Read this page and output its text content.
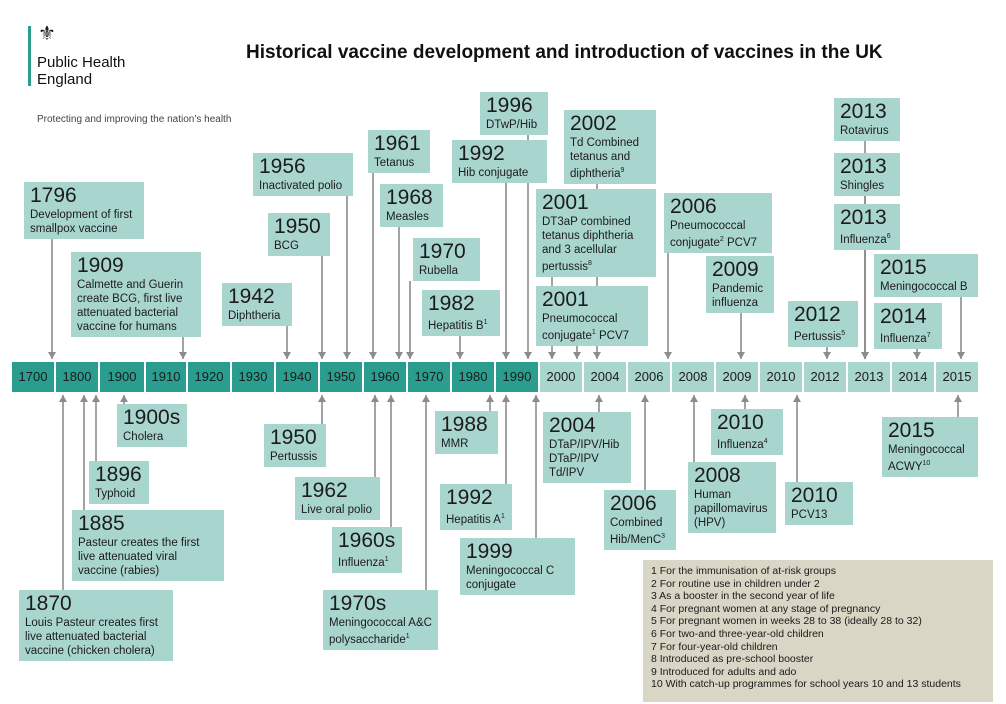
⚜
Public Health
England
Protecting and improving the nation’s health
Historical vaccine development and introduction of vaccines in the UK
1700	1800	1900	1910	1920	1930	1940	1950	1960	1970	1980	1990	2000	2004	2006	2008	2009	2010	2012	2013	2014	2015
1796
Development of first smallpox vaccine
1909
Calmette and Guerin create BCG, first live attenuated bacterial vaccine for humans
1942
Diphtheria
1950
BCG
1956
Inactivated polio
1961
Tetanus
1968
Measles
1970
Rubella
1982
Hepatitis $B^1$
1992
Hib conjugate
1996
DTwP/Hib
2001
Pneumococcal conjugate$^1$ PCV7
2001
DT3aP combined tetanus diphtheria and 3 acellular pertussis$^8$
2002
Td Combined tetanus and diphtheria$^9$
2006
Pneumococcal conjugate$^2$ PCV7
2009
Pandemic influenza	2012
Pertussis$^5$
2013
Rotavirus
2013
Shingles
2013
Influenza$^6$
2014
Influenza$^7$
2015
Meningococcal B
1900s
Cholera
1896
Typhoid
1885
Pasteur creates the first live attenuated viral vaccine (rabies)
1870
Louis Pasteur creates first live attenuated bacterial vaccine (chicken cholera)
1950
Pertussis
1962
Live oral polio
1960s
Influenza$^1$
1970s
Meningococcal A&C polysaccharide$^1$
1988
MMR
1992
Hepatitis $A^1$
1999
Meningococcal C conjugate
2004
DTaP/IPV/Hib DTaP/IPV Td/IPV
2006
Combined Hib/MenC$^3$
2008
Human papillomavirus (HPV)
2010
Influenza$^4$
2010
PCV13
2015
Meningococcal ACWY$^{10}$
1 For the immunisation of at-risk groups
2 For routine use in children under 2
3 As a booster in the second year of life
4 For pregnant women at any stage of pregnancy
5 For pregnant women in weeks 28 to 38 (ideally 28 to 32)
6 For two-and three-year-old children
7 For four-year-old children
8 Introduced as pre-school booster
9 Introduced for adults and ado
10 With catch-up programmes for school years 10 and 13 students
